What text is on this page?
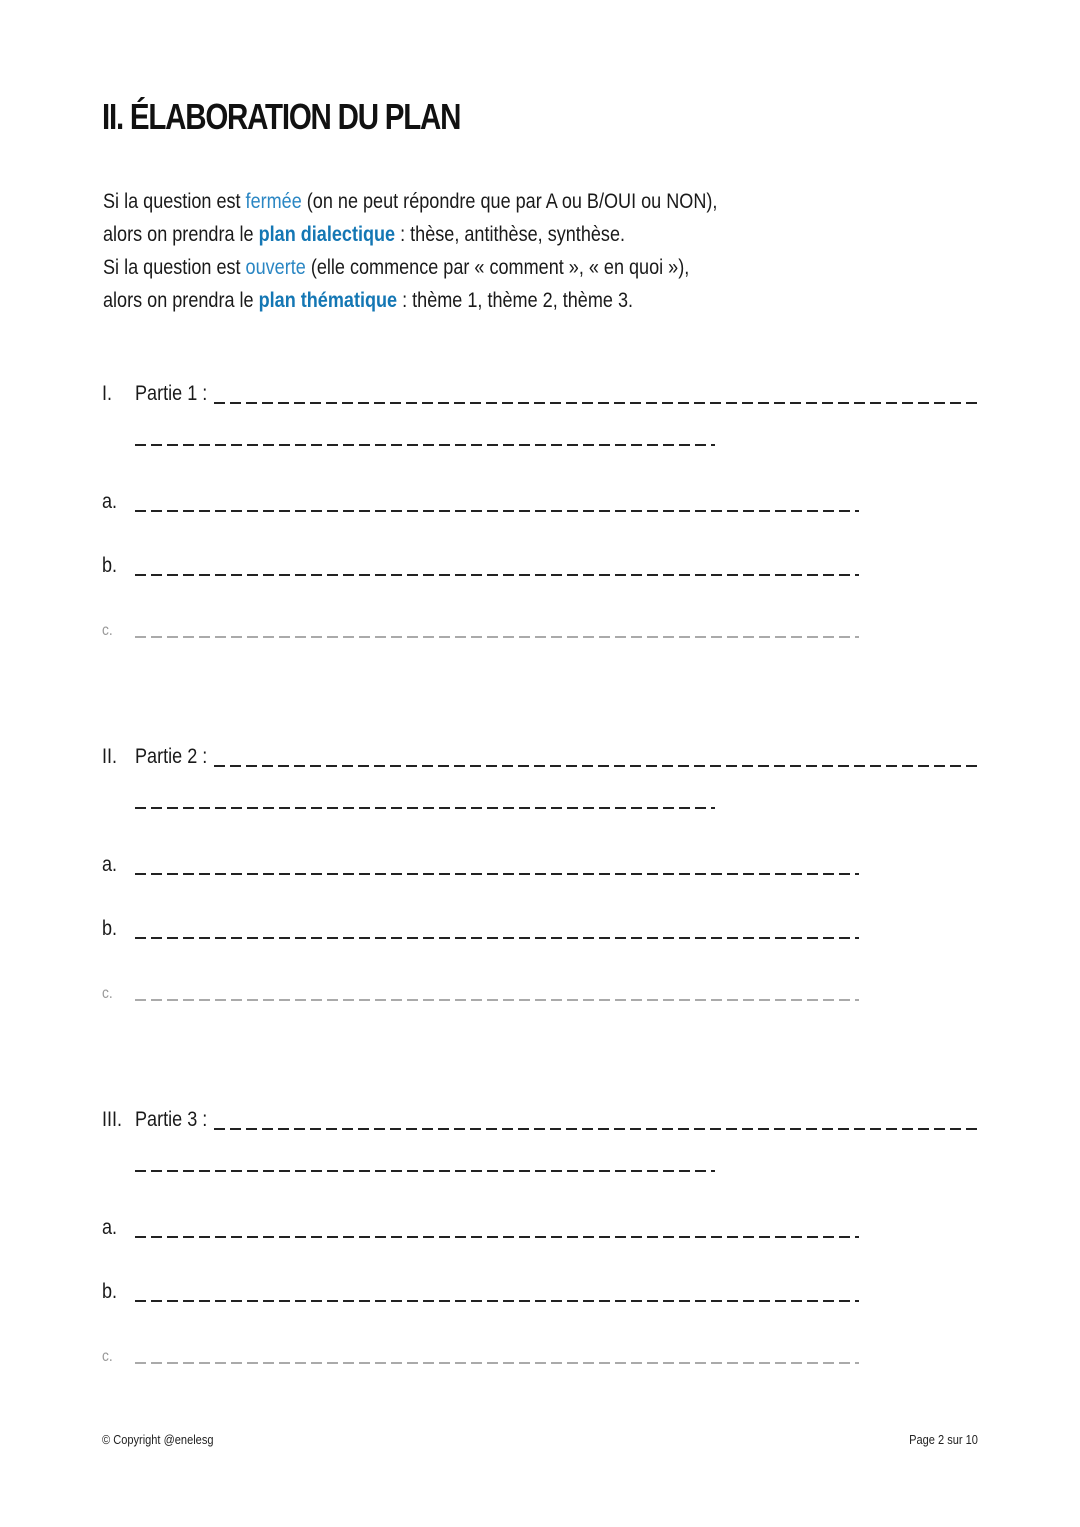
II. ÉLABORATION DU PLAN
Si la question est fermée (on ne peut répondre que par A ou B/OUI ou NON),
alors on prendra le plan dialectique : thèse, antithèse, synthèse.
Si la question est ouverte (elle commence par « comment », « en quoi »),
alors on prendra le plan thématique : thème 1, thème 2, thème 3.
I. Partie 1 :
a.
b.
c.
II. Partie 2 :
a.
b.
c.
III. Partie 3 :
a.
b.
c.
© Copyright @enelesg	Page 2 sur 10
